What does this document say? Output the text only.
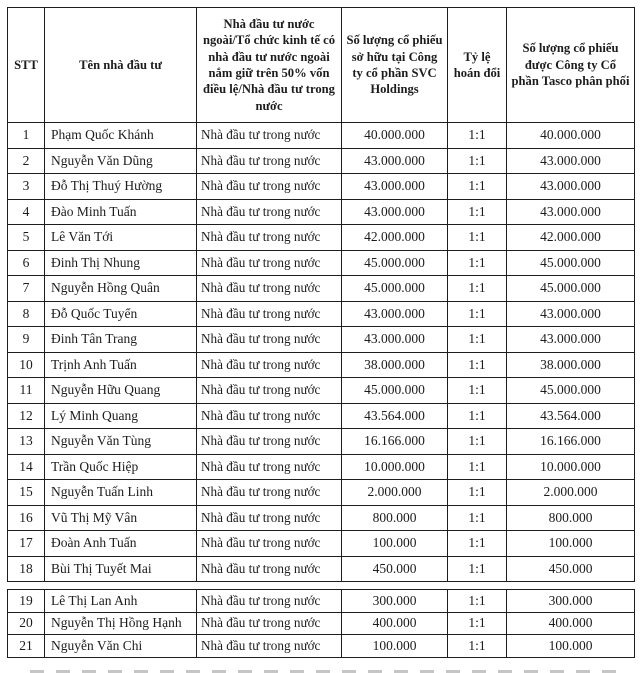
STT	Tên nhà đầu tư	Nhà đầu tư nước ngoài/Tổ chức kinh tế có nhà đầu tư nước ngoài nắm giữ trên 50% vốn điều lệ/Nhà đầu tư trong nước	Số lượng cổ phiếu sở hữu tại Công ty cổ phần SVC Holdings	Tỷ lệ hoán đổi	Số lượng cổ phiếu được Công ty Cổ phần Tasco phân phối
1	Phạm Quốc Khánh	Nhà đầu tư trong nước	40.000.000	1:1	40.000.000
2	Nguyễn Văn Dũng	Nhà đầu tư trong nước	43.000.000	1:1	43.000.000
3	Đỗ Thị Thuý Hường	Nhà đầu tư trong nước	43.000.000	1:1	43.000.000
4	Đào Minh Tuấn	Nhà đầu tư trong nước	43.000.000	1:1	43.000.000
5	Lê Văn Tới	Nhà đầu tư trong nước	42.000.000	1:1	42.000.000
6	Đinh Thị Nhung	Nhà đầu tư trong nước	45.000.000	1:1	45.000.000
7	Nguyễn Hồng Quân	Nhà đầu tư trong nước	45.000.000	1:1	45.000.000
8	Đỗ Quốc Tuyển	Nhà đầu tư trong nước	43.000.000	1:1	43.000.000
9	Đinh Tân Trang	Nhà đầu tư trong nước	43.000.000	1:1	43.000.000
10	Trịnh Anh Tuấn	Nhà đầu tư trong nước	38.000.000	1:1	38.000.000
11	Nguyễn Hữu Quang	Nhà đầu tư trong nước	45.000.000	1:1	45.000.000
12	Lý Minh Quang	Nhà đầu tư trong nước	43.564.000	1:1	43.564.000
13	Nguyễn Văn Tùng	Nhà đầu tư trong nước	16.166.000	1:1	16.166.000
14	Trần Quốc Hiệp	Nhà đầu tư trong nước	10.000.000	1:1	10.000.000
15	Nguyễn Tuấn Linh	Nhà đầu tư trong nước	2.000.000	1:1	2.000.000
16	Vũ Thị Mỹ Vân	Nhà đầu tư trong nước	800.000	1:1	800.000
17	Đoàn Anh Tuấn	Nhà đầu tư trong nước	100.000	1:1	100.000
18	Bùi Thị Tuyết Mai	Nhà đầu tư trong nước	450.000	1:1	450.000
19	Lê Thị Lan Anh	Nhà đầu tư trong nước	300.000	1:1	300.000
20	Nguyễn Thị Hồng Hạnh	Nhà đầu tư trong nước	400.000	1:1	400.000
21	Nguyễn Văn Chi	Nhà đầu tư trong nước	100.000	1:1	100.000
